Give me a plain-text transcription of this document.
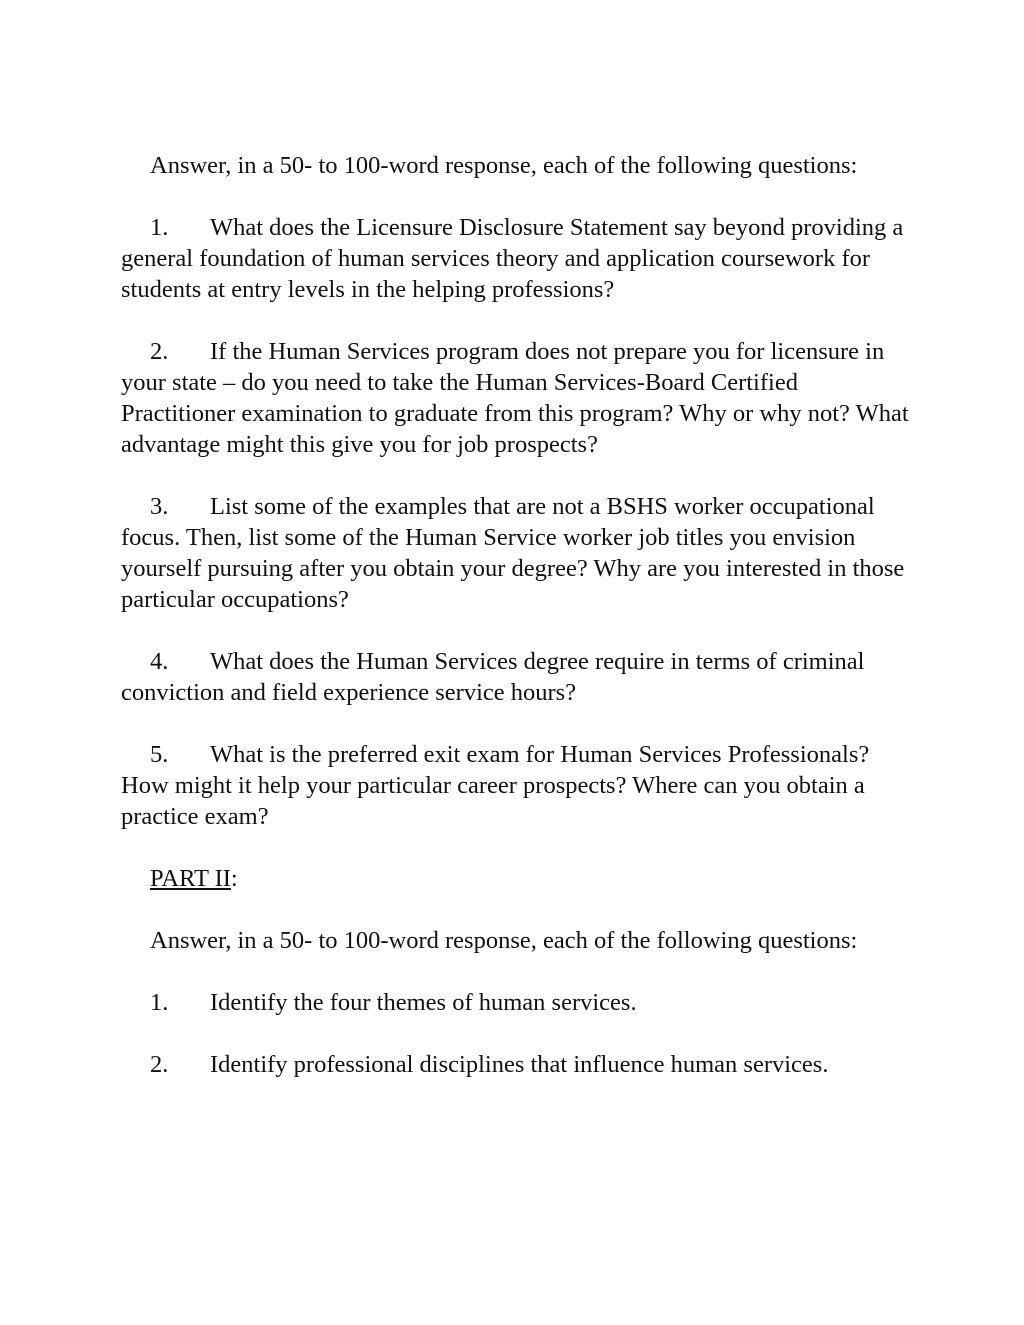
Answer, in a 50- to 100-word response, each of the following questions:

1. What does the Licensure Disclosure Statement say beyond providing a general foundation of human services theory and application coursework for students at entry levels in the helping professions?

2. If the Human Services program does not prepare you for licensure in your state – do you need to take the Human Services-Board Certified Practitioner examination to graduate from this program? Why or why not? What advantage might this give you for job prospects?

3. List some of the examples that are not a BSHS worker occupational focus. Then, list some of the Human Service worker job titles you envision yourself pursuing after you obtain your degree? Why are you interested in those particular occupations?

4. What does the Human Services degree require in terms of criminal conviction and field experience service hours?

5. What is the preferred exit exam for Human Services Professionals? How might it help your particular career prospects? Where can you obtain a practice exam?

PART II:

Answer, in a 50- to 100-word response, each of the following questions:

1. Identify the four themes of human services.

2. Identify professional disciplines that influence human services.
